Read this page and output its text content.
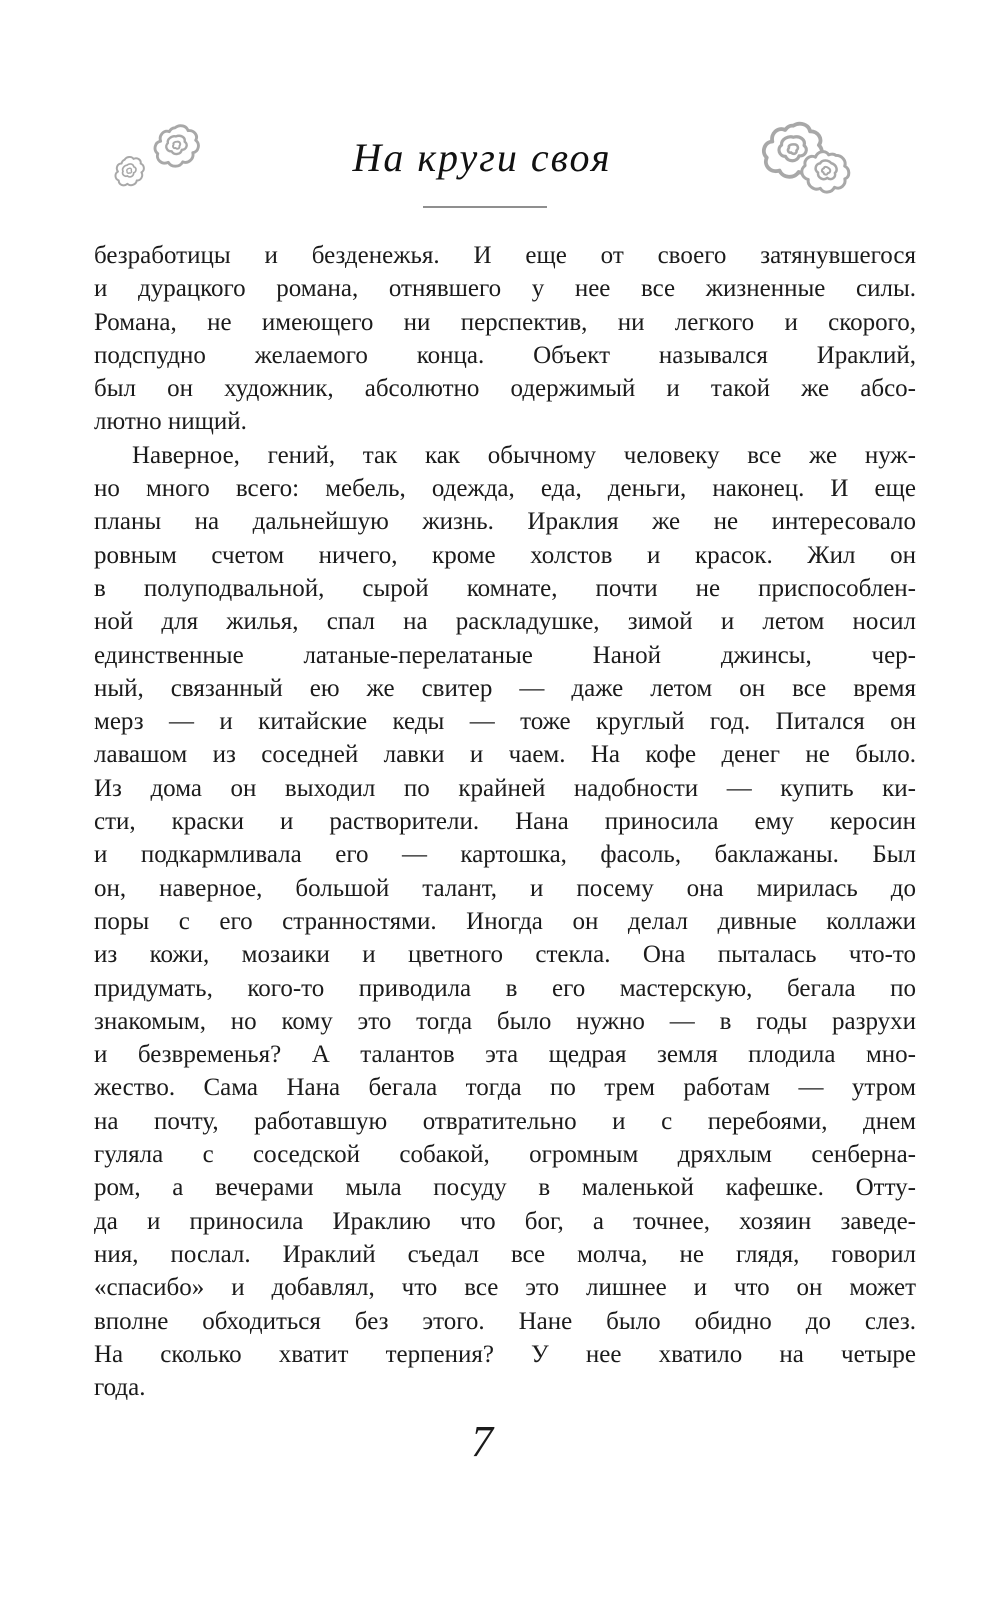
На круги своя

безработицы и безденежья. И еще от своего затянувшегося
и дурацкого романа, отнявшего у нее все жизненные силы.
Романа, не имеющего ни перспектив, ни легкого и скорого,
подспудно желаемого конца. Объект назывался Ираклий,
был он художник, абсолютно одержимый и такой же абсо-
лютно нищий.

Наверное, гений, так как обычному человеку все же нуж-
но много всего: мебель, одежда, еда, деньги, наконец. И еще
планы на дальнейшую жизнь. Ираклия же не интересовало
ровным счетом ничего, кроме холстов и красок. Жил он
в полуподвальной, сырой комнате, почти не приспособлен-
ной для жилья, спал на раскладушке, зимой и летом носил
единственные латаные-перелатаные Наной джинсы, чер-
ный, связанный ею же свитер — даже летом он все время
мерз — и китайские кеды — тоже круглый год. Питался он
лавашом из соседней лавки и чаем. На кофе денег не было.
Из дома он выходил по крайней надобности — купить ки-
сти, краски и растворители. Нана приносила ему керосин
и подкармливала его — картошка, фасоль, баклажаны. Был
он, наверное, большой талант, и посему она мирилась до
поры с его странностями. Иногда он делал дивные коллажи
из кожи, мозаики и цветного стекла. Она пыталась что-то
придумать, кого-то приводила в его мастерскую, бегала по
знакомым, но кому это тогда было нужно — в годы разрухи
и безвременья? А талантов эта щедрая земля плодила мно-
жество. Сама Нана бегала тогда по трем работам — утром
на почту, работавшую отвратительно и с перебоями, днем
гуляла с соседской собакой, огромным дряхлым сенберна-
ром, а вечерами мыла посуду в маленькой кафешке. Отту-
да и приносила Ираклию что бог, а точнее, хозяин заведе-
ния, послал. Ираклий съедал все молча, не глядя, говорил
«спасибо» и добавлял, что все это лишнее и что он может
вполне обходиться без этого. Нане было обидно до слез.
На сколько хватит терпения? У нее хватило на четыре
года.

7
